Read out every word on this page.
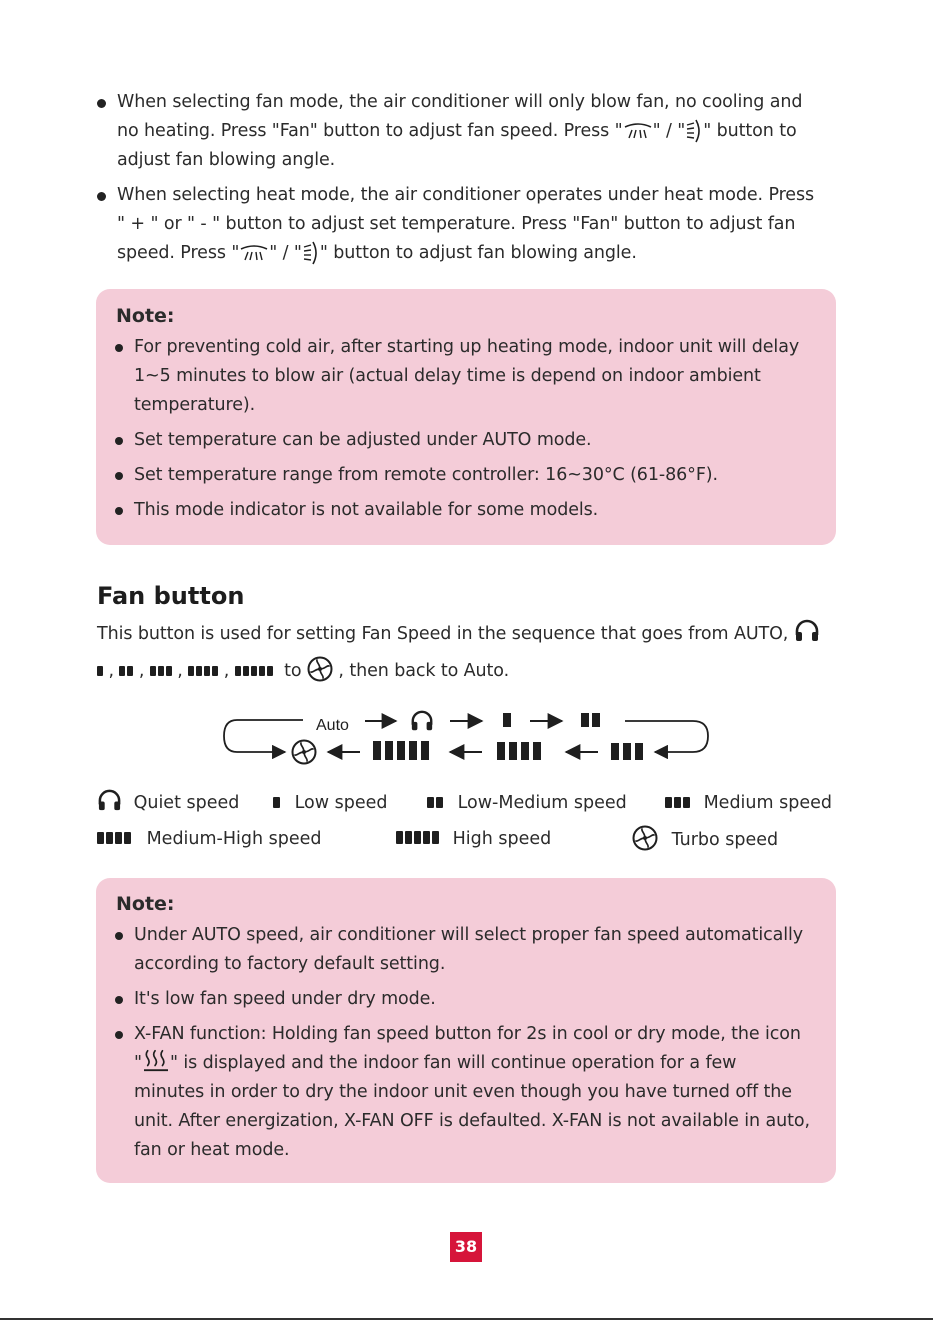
When selecting fan mode, the air conditioner will only blow fan, no cooling and
no heating. Press "Fan" button to adjust fan speed. Press " " / " " button to
adjust fan blowing angle.
When selecting heat mode, the air conditioner operates under heat mode. Press
" + " or " - " button to adjust set temperature. Press "Fan" button to adjust fan
speed. Press " " / " " button to adjust fan blowing angle.
Note:
For preventing cold air, after starting up heating mode, indoor unit will delay
1~5 minutes to blow air (actual delay time is depend on indoor ambient
temperature).
Set temperature can be adjusted under AUTO mode.
Set temperature range from remote controller: 16~30°C (61-86°F).
This mode indicator is not available for some models.
Fan button
This button is used for setting Fan Speed in the sequence that goes from AUTO,
, , , ,	to , then back to Auto.
Auto
Quiet speed	Low speed	Low-Medium speed	Medium speed
Medium-High speed	High speed	Turbo speed
Note:
Under AUTO speed, air conditioner will select proper fan speed automatically
according to factory default setting.
It's low fan speed under dry mode.
X-FAN function: Holding fan speed button for 2s in cool or dry mode, the icon
" " is displayed and the indoor fan will continue operation for a few
minutes in order to dry the indoor unit even though you have turned off the
unit. After energization, X-FAN OFF is defaulted. X-FAN is not available in auto,
fan or heat mode.
38
